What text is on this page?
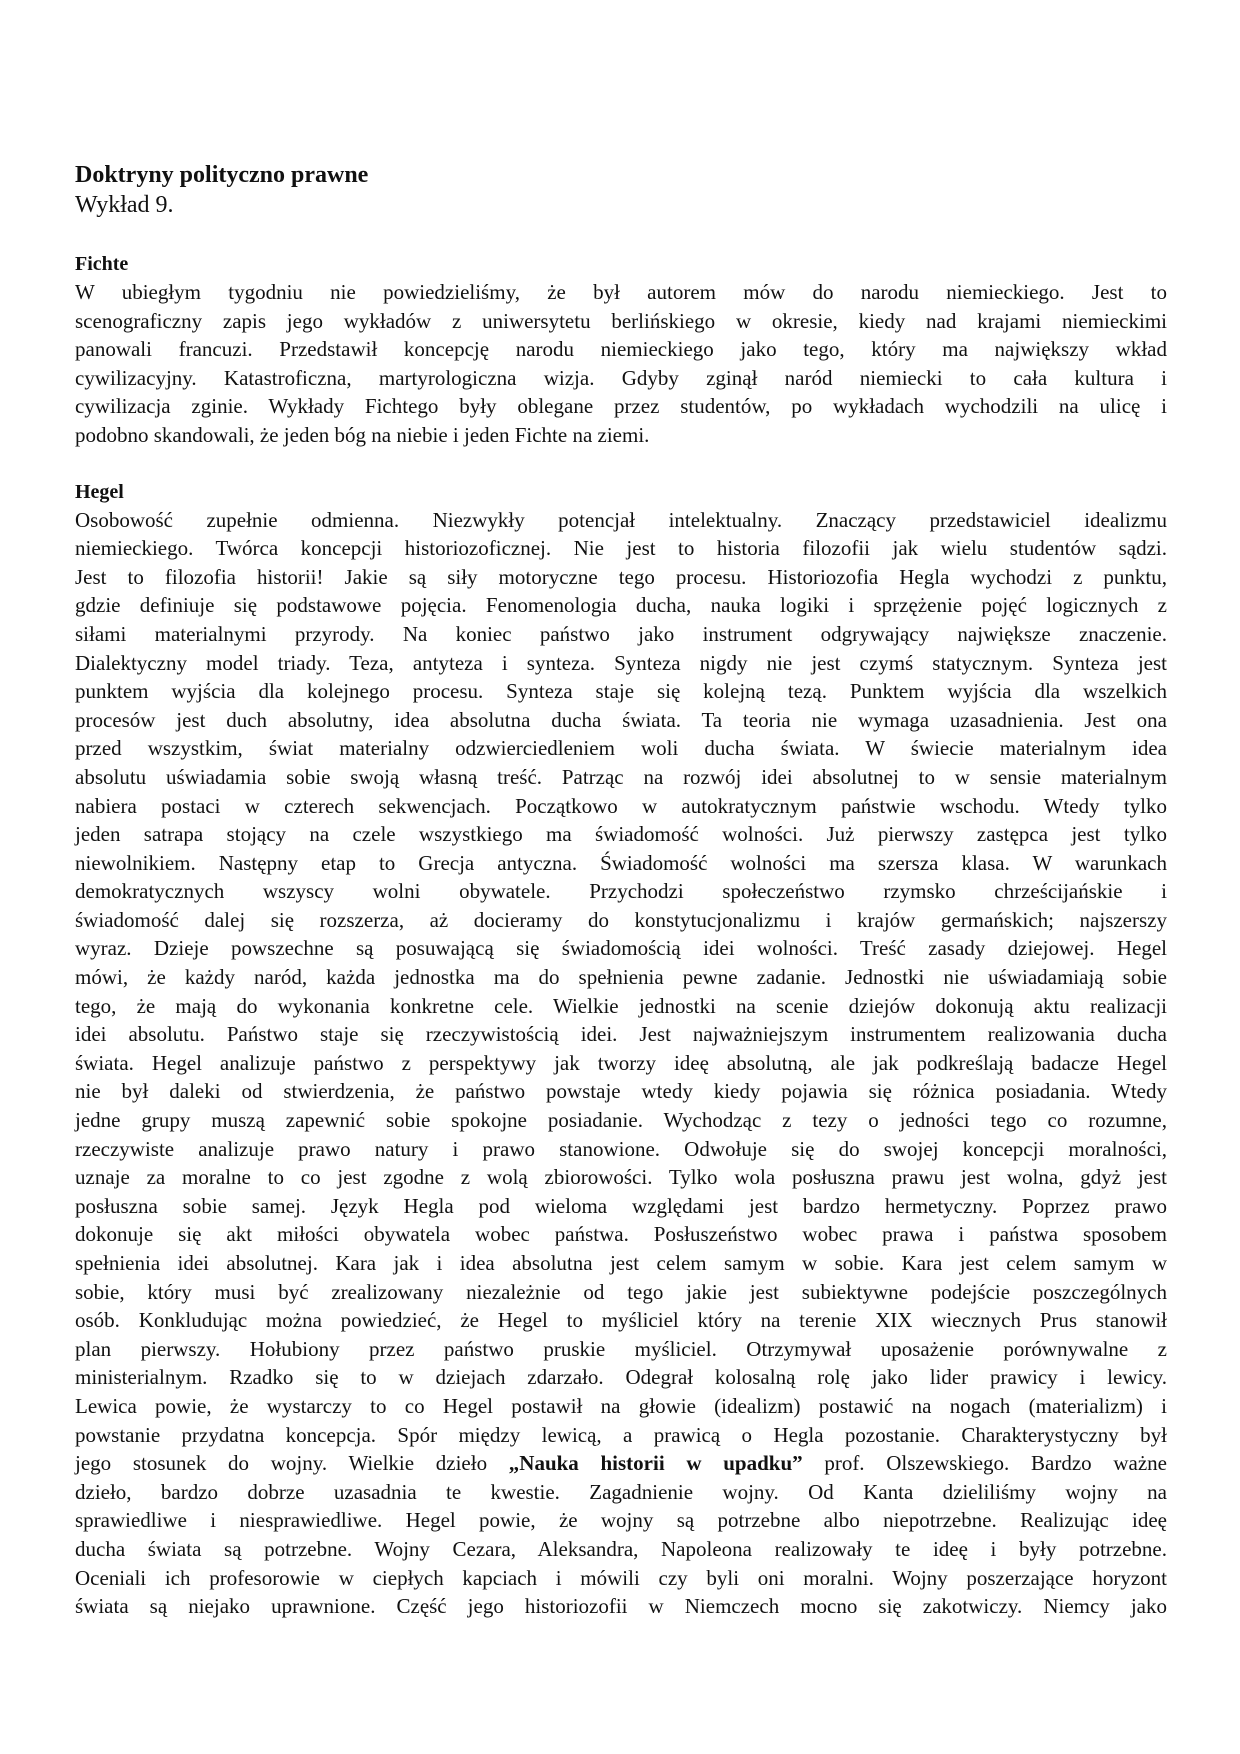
Doktryny polityczno prawne
Wykład 9.
Fichte
W ubiegłym tygodniu nie powiedzieliśmy, że był autorem mów do narodu niemieckiego. Jest to
scenograficzny zapis jego wykładów z uniwersytetu berlińskiego w okresie, kiedy nad krajami niemieckimi
panowali francuzi. Przedstawił koncepcję narodu niemieckiego jako tego, który ma największy wkład
cywilizacyjny. Katastroficzna, martyrologiczna wizja. Gdyby zginął naród niemiecki to cała kultura i
cywilizacja zginie. Wykłady Fichtego były oblegane przez studentów, po wykładach wychodzili na ulicę i
podobno skandowali, że jeden bóg na niebie i jeden Fichte na ziemi.
Hegel
Osobowość zupełnie odmienna. Niezwykły potencjał intelektualny. Znaczący przedstawiciel idealizmu
niemieckiego. Twórca koncepcji historiozoficznej. Nie jest to historia filozofii jak wielu studentów sądzi.
Jest to filozofia historii! Jakie są siły motoryczne tego procesu. Historiozofia Hegla wychodzi z punktu,
gdzie definiuje się podstawowe pojęcia. Fenomenologia ducha, nauka logiki i sprzężenie pojęć logicznych z
siłami materialnymi przyrody. Na koniec państwo jako instrument odgrywający największe znaczenie.
Dialektyczny model triady. Teza, antyteza i synteza. Synteza nigdy nie jest czymś statycznym. Synteza jest
punktem wyjścia dla kolejnego procesu. Synteza staje się kolejną tezą. Punktem wyjścia dla wszelkich
procesów jest duch absolutny, idea absolutna ducha świata. Ta teoria nie wymaga uzasadnienia. Jest ona
przed wszystkim, świat materialny odzwierciedleniem woli ducha świata. W świecie materialnym idea
absolutu uświadamia sobie swoją własną treść. Patrząc na rozwój idei absolutnej to w sensie materialnym
nabiera postaci w czterech sekwencjach. Początkowo w autokratycznym państwie wschodu. Wtedy tylko
jeden satrapa stojący na czele wszystkiego ma świadomość wolności. Już pierwszy zastępca jest tylko
niewolnikiem. Następny etap to Grecja antyczna. Świadomość wolności ma szersza klasa. W warunkach
demokratycznych wszyscy wolni obywatele. Przychodzi społeczeństwo rzymsko chrześcijańskie i
świadomość dalej się rozszerza, aż docieramy do konstytucjonalizmu i krajów germańskich; najszerszy
wyraz. Dzieje powszechne są posuwającą się świadomością idei wolności. Treść zasady dziejowej. Hegel
mówi, że każdy naród, każda jednostka ma do spełnienia pewne zadanie. Jednostki nie uświadamiają sobie
tego, że mają do wykonania konkretne cele. Wielkie jednostki na scenie dziejów dokonują aktu realizacji
idei absolutu. Państwo staje się rzeczywistością idei. Jest najważniejszym instrumentem realizowania ducha
świata. Hegel analizuje państwo z perspektywy jak tworzy ideę absolutną, ale jak podkreślają badacze Hegel
nie był daleki od stwierdzenia, że państwo powstaje wtedy kiedy pojawia się różnica posiadania. Wtedy
jedne grupy muszą zapewnić sobie spokojne posiadanie. Wychodząc z tezy o jedności tego co rozumne,
rzeczywiste analizuje prawo natury i prawo stanowione. Odwołuje się do swojej koncepcji moralności,
uznaje za moralne to co jest zgodne z wolą zbiorowości. Tylko wola posłuszna prawu jest wolna, gdyż jest
posłuszna sobie samej. Język Hegla pod wieloma względami jest bardzo hermetyczny. Poprzez prawo
dokonuje się akt miłości obywatela wobec państwa. Posłuszeństwo wobec prawa i państwa sposobem
spełnienia idei absolutnej. Kara jak i idea absolutna jest celem samym w sobie. Kara jest celem samym w
sobie, który musi być zrealizowany niezależnie od tego jakie jest subiektywne podejście poszczególnych
osób. Konkludując można powiedzieć, że Hegel to myśliciel który na terenie XIX wiecznych Prus stanowił
plan pierwszy. Hołubiony przez państwo pruskie myśliciel. Otrzymywał uposażenie porównywalne z
ministerialnym. Rzadko się to w dziejach zdarzało. Odegrał kolosalną rolę jako lider prawicy i lewicy.
Lewica powie, że wystarczy to co Hegel postawił na głowie (idealizm) postawić na nogach (materializm) i
powstanie przydatna koncepcja. Spór między lewicą, a prawicą o Hegla pozostanie. Charakterystyczny był
jego stosunek do wojny. Wielkie dzieło „Nauka historii w upadku” prof. Olszewskiego. Bardzo ważne
dzieło, bardzo dobrze uzasadnia te kwestie. Zagadnienie wojny. Od Kanta dzieliliśmy wojny na
sprawiedliwe i niesprawiedliwe. Hegel powie, że wojny są potrzebne albo niepotrzebne. Realizując ideę
ducha świata są potrzebne. Wojny Cezara, Aleksandra, Napoleona realizowały te ideę i były potrzebne.
Oceniali ich profesorowie w ciepłych kapciach i mówili czy byli oni moralni. Wojny poszerzające horyzont
świata są niejako uprawnione. Część jego historiozofii w Niemczech mocno się zakotwiczy. Niemcy jako
